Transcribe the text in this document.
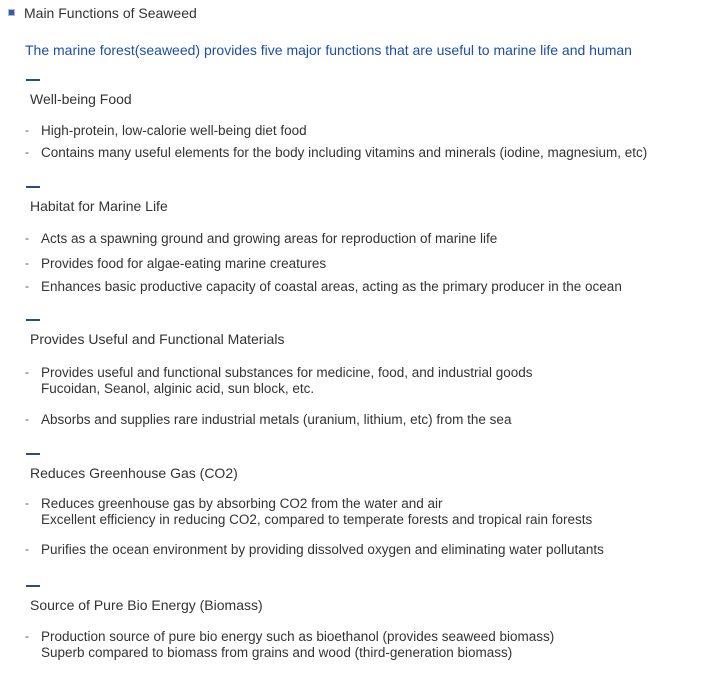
Main Functions of Seaweed
The marine forest(seaweed) provides five major functions that are useful to marine life and human
Well-being Food
- High-protein, low-calorie well-being diet food
- Contains many useful elements for the body including vitamins and minerals (iodine, magnesium, etc)
Habitat for Marine Life
- Acts as a spawning ground and growing areas for reproduction of marine life
- Provides food for algae-eating marine creatures
- Enhances basic productive capacity of coastal areas, acting as the primary producer in the ocean
Provides Useful and Functional Materials
- Provides useful and functional substances for medicine, food, and industrial goods
Fucoidan, Seanol, alginic acid, sun block, etc.
- Absorbs and supplies rare industrial metals (uranium, lithium, etc) from the sea
Reduces Greenhouse Gas (CO2)
- Reduces greenhouse gas by absorbing CO2 from the water and air
Excellent efficiency in reducing CO2, compared to temperate forests and tropical rain forests
- Purifies the ocean environment by providing dissolved oxygen and eliminating water pollutants
Source of Pure Bio Energy (Biomass)
- Production source of pure bio energy such as bioethanol (provides seaweed biomass)
Superb compared to biomass from grains and wood (third-generation biomass)
